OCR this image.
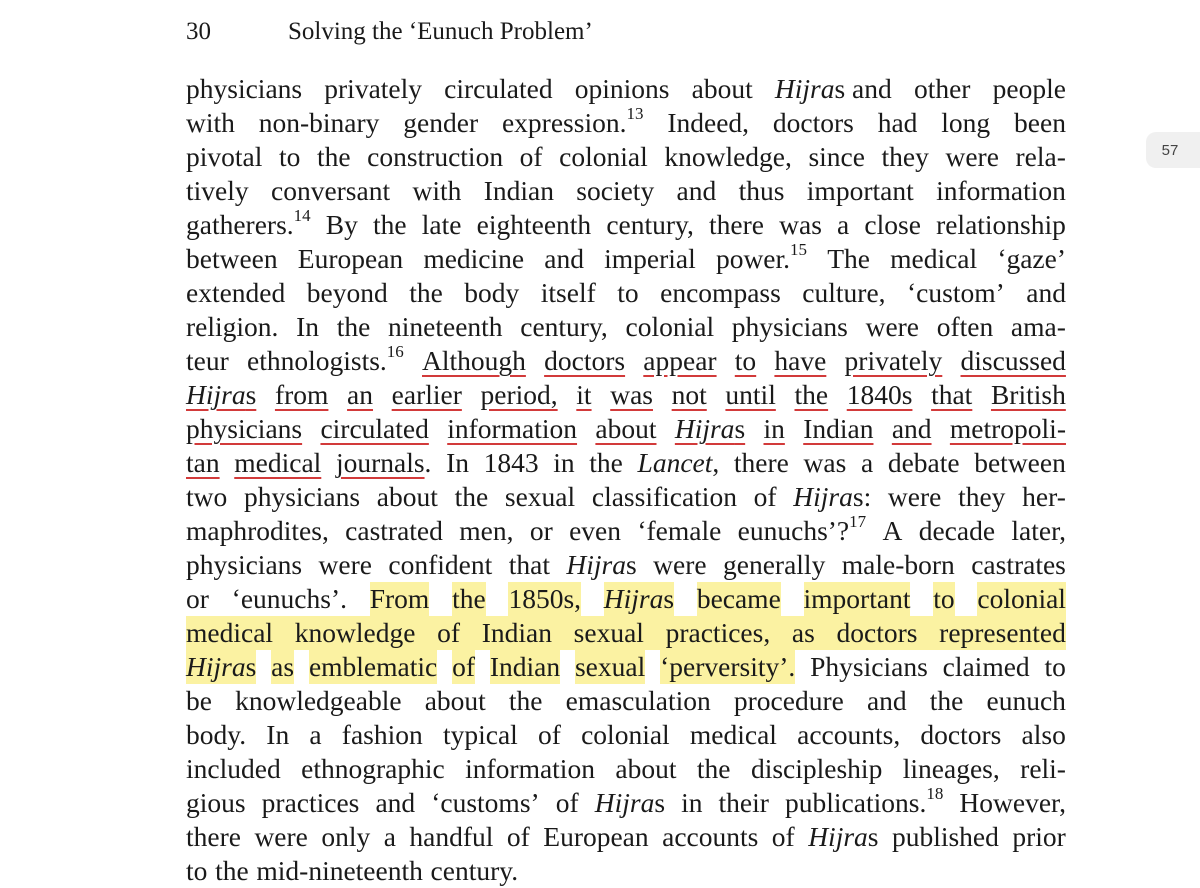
30	Solving the ‘Eunuch Problem’
57
physicians privately circulated opinions about Hijras and other people
with non-binary gender expression.$^{13}$ Indeed, doctors had long been
pivotal to the construction of colonial knowledge, since they were rela-
tively conversant with Indian society and thus important information
gatherers.$^{14}$ By the late eighteenth century, there was a close relationship
between European medicine and imperial power.$^{15}$ The medical ‘gaze’
extended beyond the body itself to encompass culture, ‘custom’ and
religion. In the nineteenth century, colonial physicians were often ama-
teur ethnologists.$^{16}$ Although doctors appear to have privately discussed
Hijras from an earlier period, it was not until the 1840s that British
physicians circulated information about Hijras in Indian and metropoli-
tan medical journals. In 1843 in the Lancet, there was a debate between
two physicians about the sexual classification of Hijras: were they her-
maphrodites, castrated men, or even ‘female eunuchs’?$^{17}$ A decade later,
physicians were confident that Hijras were generally male-born castrates
or ‘eunuchs’. From the 1850s, Hijras became important to colonial
medical knowledge of Indian sexual practices, as doctors represented
Hijras as emblematic of Indian sexual ‘perversity’. Physicians claimed to
be knowledgeable about the emasculation procedure and the eunuch
body. In a fashion typical of colonial medical accounts, doctors also
included ethnographic information about the discipleship lineages, reli-
gious practices and ‘customs’ of Hijras in their publications.$^{18}$ However,
there were only a handful of European accounts of Hijras published prior
to the mid-nineteenth century.
